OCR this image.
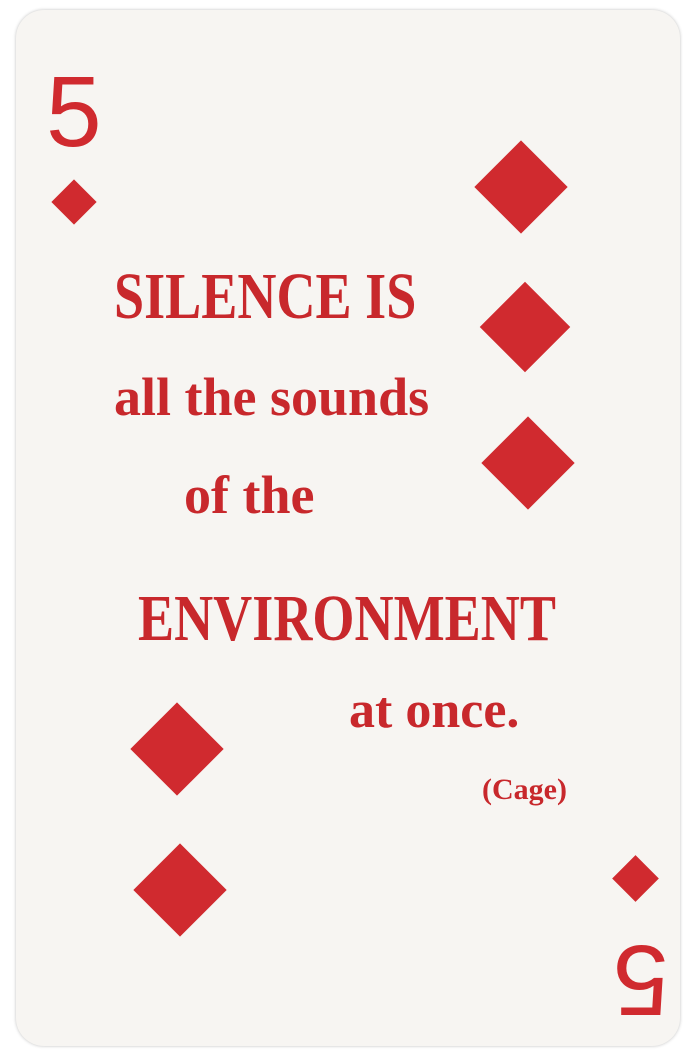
5
5
SILENCE IS
all the sounds
of the
ENVIRONMENT
at once.
(Cage)
